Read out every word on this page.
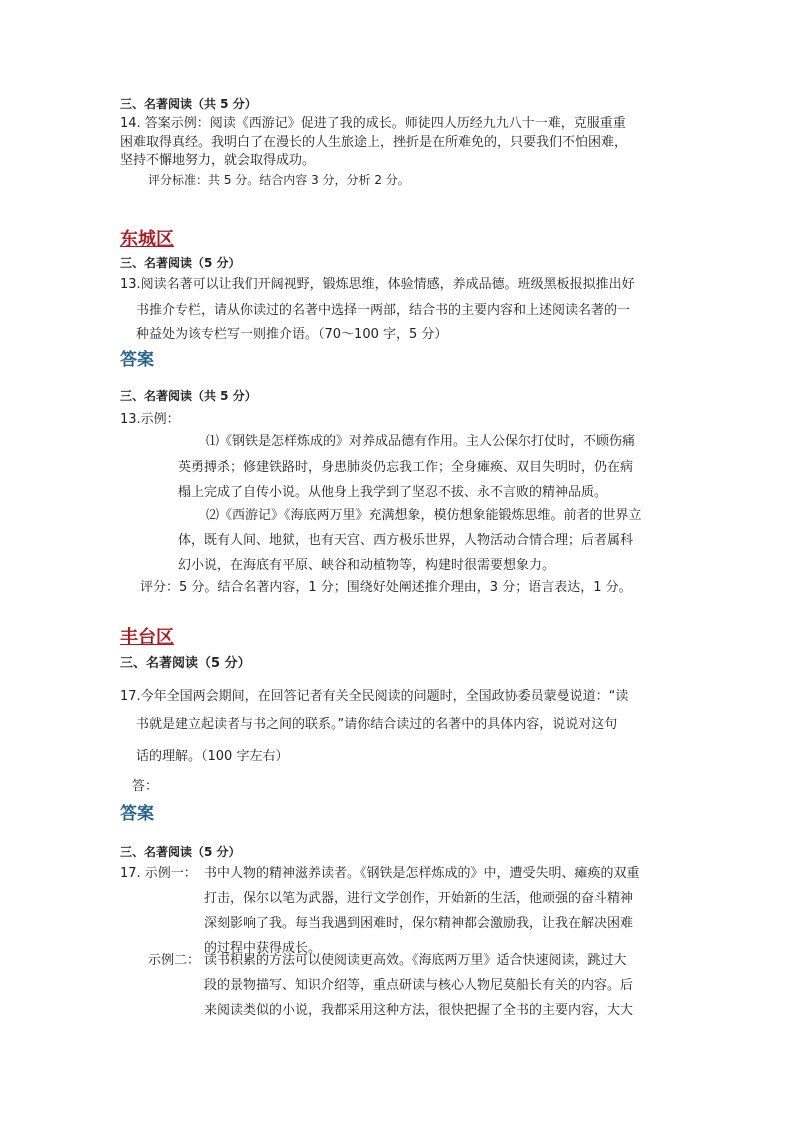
三、名著阅读（共 5 分）
14. 答案示例：阅读《西游记》促进了我的成长。师徒四人历经九九八十一难，克服重重
困难取得真经。我明白了在漫长的人生旅途上，挫折是在所难免的，只要我们不怕困难，
坚持不懈地努力，就会取得成功。
评分标准：共 5 分。结合内容 3 分，分析 2 分。
东城区
三、名著阅读（5 分）
13.阅读名著可以让我们开阔视野，锻炼思维，体验情感，养成品德。班级黑板报拟推出好
书推介专栏，请从你读过的名著中选择一两部，结合书的主要内容和上述阅读名著的一
种益处为该专栏写一则推介语。（70～100 字，5 分）
答案
三、名著阅读（共 5 分）
13.示例：
⑴《钢铁是怎样炼成的》对养成品德有作用。主人公保尔打仗时，不顾伤痛
英勇搏杀；修建铁路时，身患肺炎仍忘我工作；全身瘫痪、双目失明时，仍在病
榻上完成了自传小说。从他身上我学到了坚忍不拔、永不言败的精神品质。
⑵《西游记》《海底两万里》充满想象，模仿想象能锻炼思维。前者的世界立
体，既有人间、地狱，也有天宫、西方极乐世界，人物活动合情合理；后者属科
幻小说，在海底有平原、峡谷和动植物等，构建时很需要想象力。
评分：5 分。结合名著内容，1 分；围绕好处阐述推介理由，3 分；语言表达，1 分。
丰台区
三、名著阅读（5 分）
17.今年全国两会期间，在回答记者有关全民阅读的问题时，全国政协委员蒙曼说道：“读
书就是建立起读者与书之间的联系。”请你结合读过的名著中的具体内容，说说对这句
话的理解。（100 字左右）
答：
答案
三、名著阅读（5 分）
17. 示例一： 书中人物的精神滋养读者。《钢铁是怎样炼成的》中，遭受失明、瘫痪的双重
打击，保尔以笔为武器，进行文学创作，开始新的生活，他顽强的奋斗精神
深刻影响了我。每当我遇到困难时，保尔精神都会激励我，让我在解决困难
的过程中获得成长。
示例二： 读书积累的方法可以使阅读更高效。《海底两万里》适合快速阅读，跳过大
段的景物描写、知识介绍等，重点研读与核心人物尼莫船长有关的内容。后
来阅读类似的小说，我都采用这种方法，很快把握了全书的主要内容，大大
